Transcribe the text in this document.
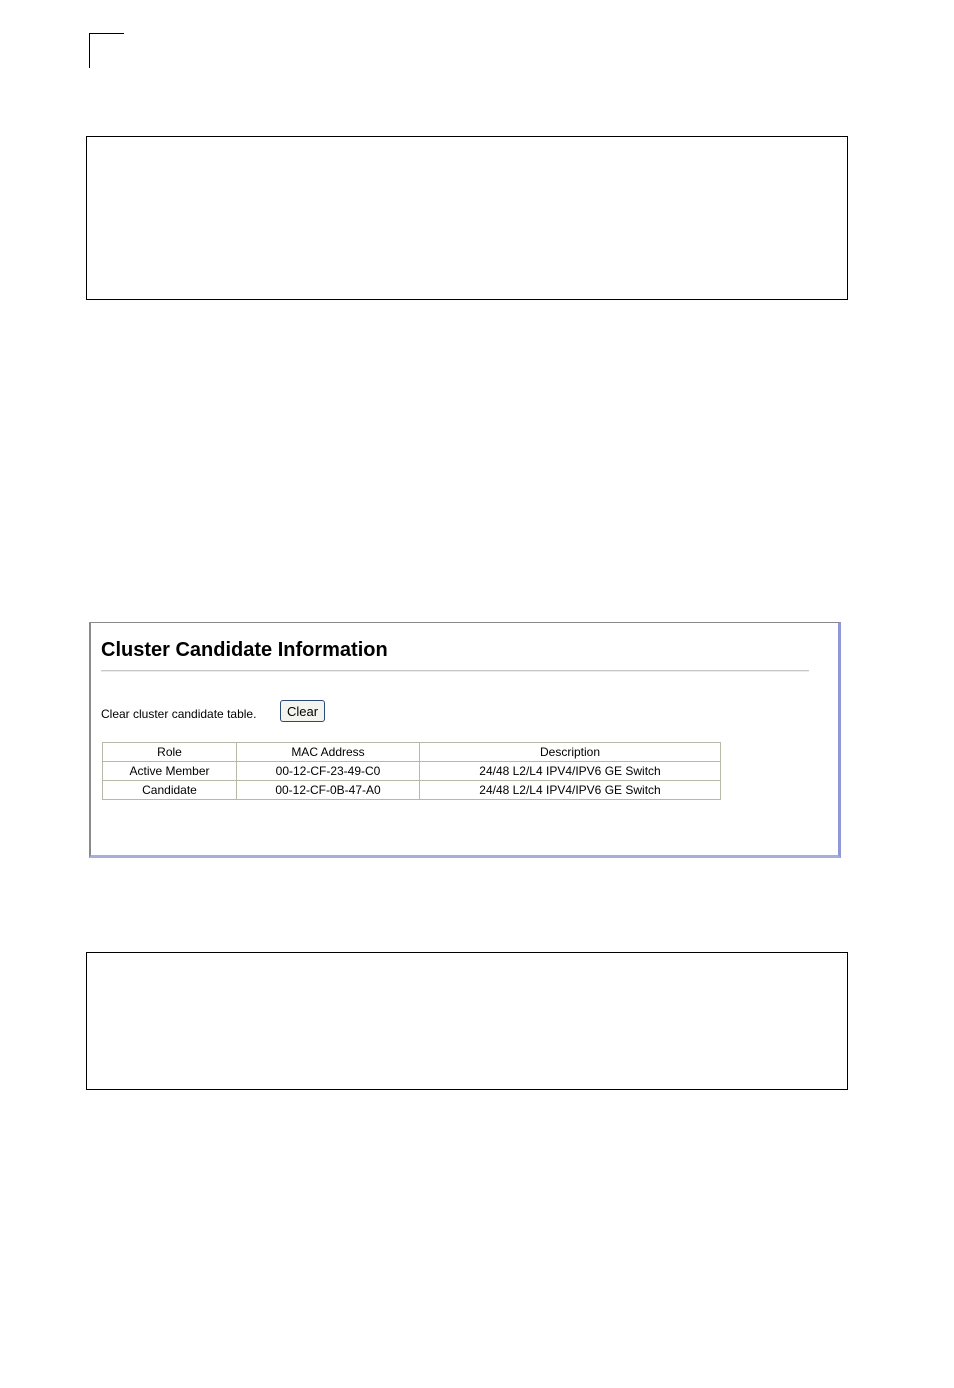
Cluster Candidate Information
Clear cluster candidate table.	Clear
Role	MAC Address	Description
Active Member	00-12-CF-23-49-C0	24/48 L2/L4 IPV4/IPV6 GE Switch
Candidate	00-12-CF-0B-47-A0	24/48 L2/L4 IPV4/IPV6 GE Switch
